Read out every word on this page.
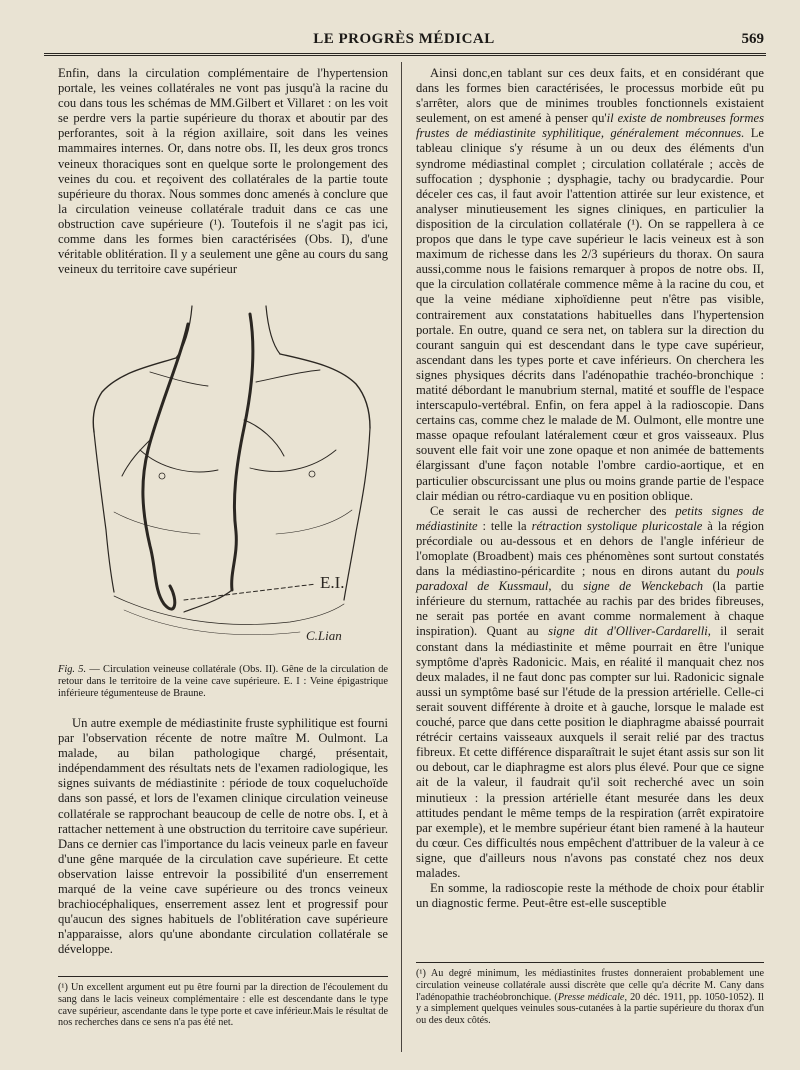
LE PROGRÈS MÉDICAL	569

Enfin, dans la circulation complémentaire de l'hypertension portale, les veines collatérales ne vont pas jusqu'à la racine du cou dans tous les schémas de MM.Gilbert et Villaret : on les voit se perdre vers la partie supérieure du thorax et aboutir par des perforantes, soit à la région axillaire, soit dans les veines mammaires internes. Or, dans notre obs. II, les deux gros troncs veineux thoraciques sont en quelque sorte le prolongement des veines du cou. et reçoivent des collatérales de la partie toute supérieure du thorax. Nous sommes donc amenés à conclure que la circulation veineuse collatérale traduit dans ce cas une obstruction cave supérieure (¹). Toutefois il ne s'agit pas ici, comme dans les formes bien caractérisées (Obs. I), d'une véritable oblitération. Il y a seulement une gêne au cours du sang veineux du territoire cave supérieur

E.I.
C.Lian
Fig. 5. — Circulation veineuse collatérale (Obs. II). Gêne de la circulation de retour dans le territoire de la veine cave supérieure. E. I : Veine épigastrique inférieure tégumenteuse de Braune.

Un autre exemple de médiastinite fruste syphilitique est fourni par l'observation récente de notre maître M. Oulmont. La malade, au bilan pathologique chargé, présentait, indépendamment des résultats nets de l'examen radiologique, les signes suivants de médiastinite : période de toux coqueluchoïde dans son passé, et lors de l'examen clinique circulation veineuse collatérale se rapprochant beaucoup de celle de notre obs. I, et à rattacher nettement à une obstruction du territoire cave supérieur. Dans ce dernier cas l'importance du lacis veineux parle en faveur d'une gêne marquée de la circulation cave supérieure. Et cette observation laisse entrevoir la possibilité d'un enserrement marqué de la veine cave supérieure ou des troncs veineux brachiocéphaliques, enserrement assez lent et progressif pour qu'aucun des signes habituels de l'oblitération cave supérieure n'apparaisse, alors qu'une abondante circulation collatérale se développe.

(¹) Un excellent argument eut pu être fourni par la direction de l'écoulement du sang dans le lacis veineux complémentaire : elle est descendante dans le type cave supérieur, ascendante dans le type porte et cave inférieur.Mais le résultat de nos recherches dans ce sens n'a pas été net.

Ainsi donc,en tablant sur ces deux faits, et en considérant que dans les formes bien caractérisées, le processus morbide eût pu s'arrêter, alors que de minimes troubles fonctionnels existaient seulement, on est amené à penser qu'il existe de nombreuses formes frustes de médiastinite syphilitique, généralement méconnues. Le tableau clinique s'y résume à un ou deux des éléments d'un syndrome médiastinal complet ; circulation collatérale ; accès de suffocation ; dysphonie ; dysphagie, tachy ou bradycardie. Pour déceler ces cas, il faut avoir l'attention attirée sur leur existence, et analyser minutieusement les signes cliniques, en particulier la disposition de la circulation collatérale (¹). On se rappellera à ce propos que dans le type cave supérieur le lacis veineux est à son maximum de richesse dans les 2/3 supérieurs du thorax. On saura aussi,comme nous le faisions remarquer à propos de notre obs. II, que la circulation collatérale commence même à la racine du cou, et que la veine médiane xiphoïdienne peut n'être pas visible, contrairement aux constatations habituelles dans l'hypertension portale. En outre, quand ce sera net, on tablera sur la direction du courant sanguin qui est descendant dans le type cave supérieur, ascendant dans les types porte et cave inférieurs. On cherchera les signes physiques décrits dans l'adénopathie trachéo-bronchique : matité débordant le manubrium sternal, matité et souffle de l'espace interscapulo-vertébral. Enfin, on fera appel à la radioscopie. Dans certains cas, comme chez le malade de M. Oulmont, elle montre une masse opaque refoulant latéralement cœur et gros vaisseaux. Plus souvent elle fait voir une zone opaque et non animée de battements élargissant d'une façon notable l'ombre cardio-aortique, et en particulier obscurcissant une plus ou moins grande partie de l'espace clair médian ou rétro-cardiaque vu en position oblique.

Ce serait le cas aussi de rechercher des petits signes de médiastinite : telle la rétraction systolique pluricostale à la région précordiale ou au-dessous et en dehors de l'angle inférieur de l'omoplate (Broadbent) mais ces phénomènes sont surtout constatés dans la médiastino-péricardite ; nous en dirons autant du pouls paradoxal de Kussmaul, du signe de Wenckebach (la partie inférieure du sternum, rattachée au rachis par des brides fibreuses, ne serait pas portée en avant comme normalement à chaque inspiration). Quant au signe dit d'Olliver-Cardarelli, il serait constant dans la médiastinite et même pourrait en être l'unique symptôme d'après Radonicic. Mais, en réalité il manquait chez nos deux malades, il ne faut donc pas compter sur lui. Radonicic signale aussi un symptôme basé sur l'étude de la pression artérielle. Celle-ci serait souvent différente à droite et à gauche, lorsque le malade est couché, parce que dans cette position le diaphragme abaissé pourrait rétrécir certains vaisseaux auxquels il serait relié par des tractus fibreux. Et cette différence disparaîtrait le sujet étant assis sur son lit ou debout, car le diaphragme est alors plus élevé. Pour que ce signe ait de la valeur, il faudrait qu'il soit recherché avec un soin minutieux : la pression artérielle étant mesurée dans les deux attitudes pendant le même temps de la respiration (arrêt expiratoire par exemple), et le membre supérieur étant bien ramené à la hauteur du cœur. Ces difficultés nous empêchent d'attribuer de la valeur à ce signe, que d'ailleurs nous n'avons pas constaté chez nos deux malades.

En somme, la radioscopie reste la méthode de choix pour établir un diagnostic ferme. Peut-être est-elle susceptible

(¹) Au degré minimum, les médiastinites frustes donneraient probablement une circulation veineuse collatérale aussi discrète que celle qu'a décrite M. Cany dans l'adénopathie trachéobronchique. (Presse médicale, 20 déc. 1911, pp. 1050-1052). Il y a simplement quelques veinules sous-cutanées à la partie supérieure du thorax d'un ou des deux côtés.
